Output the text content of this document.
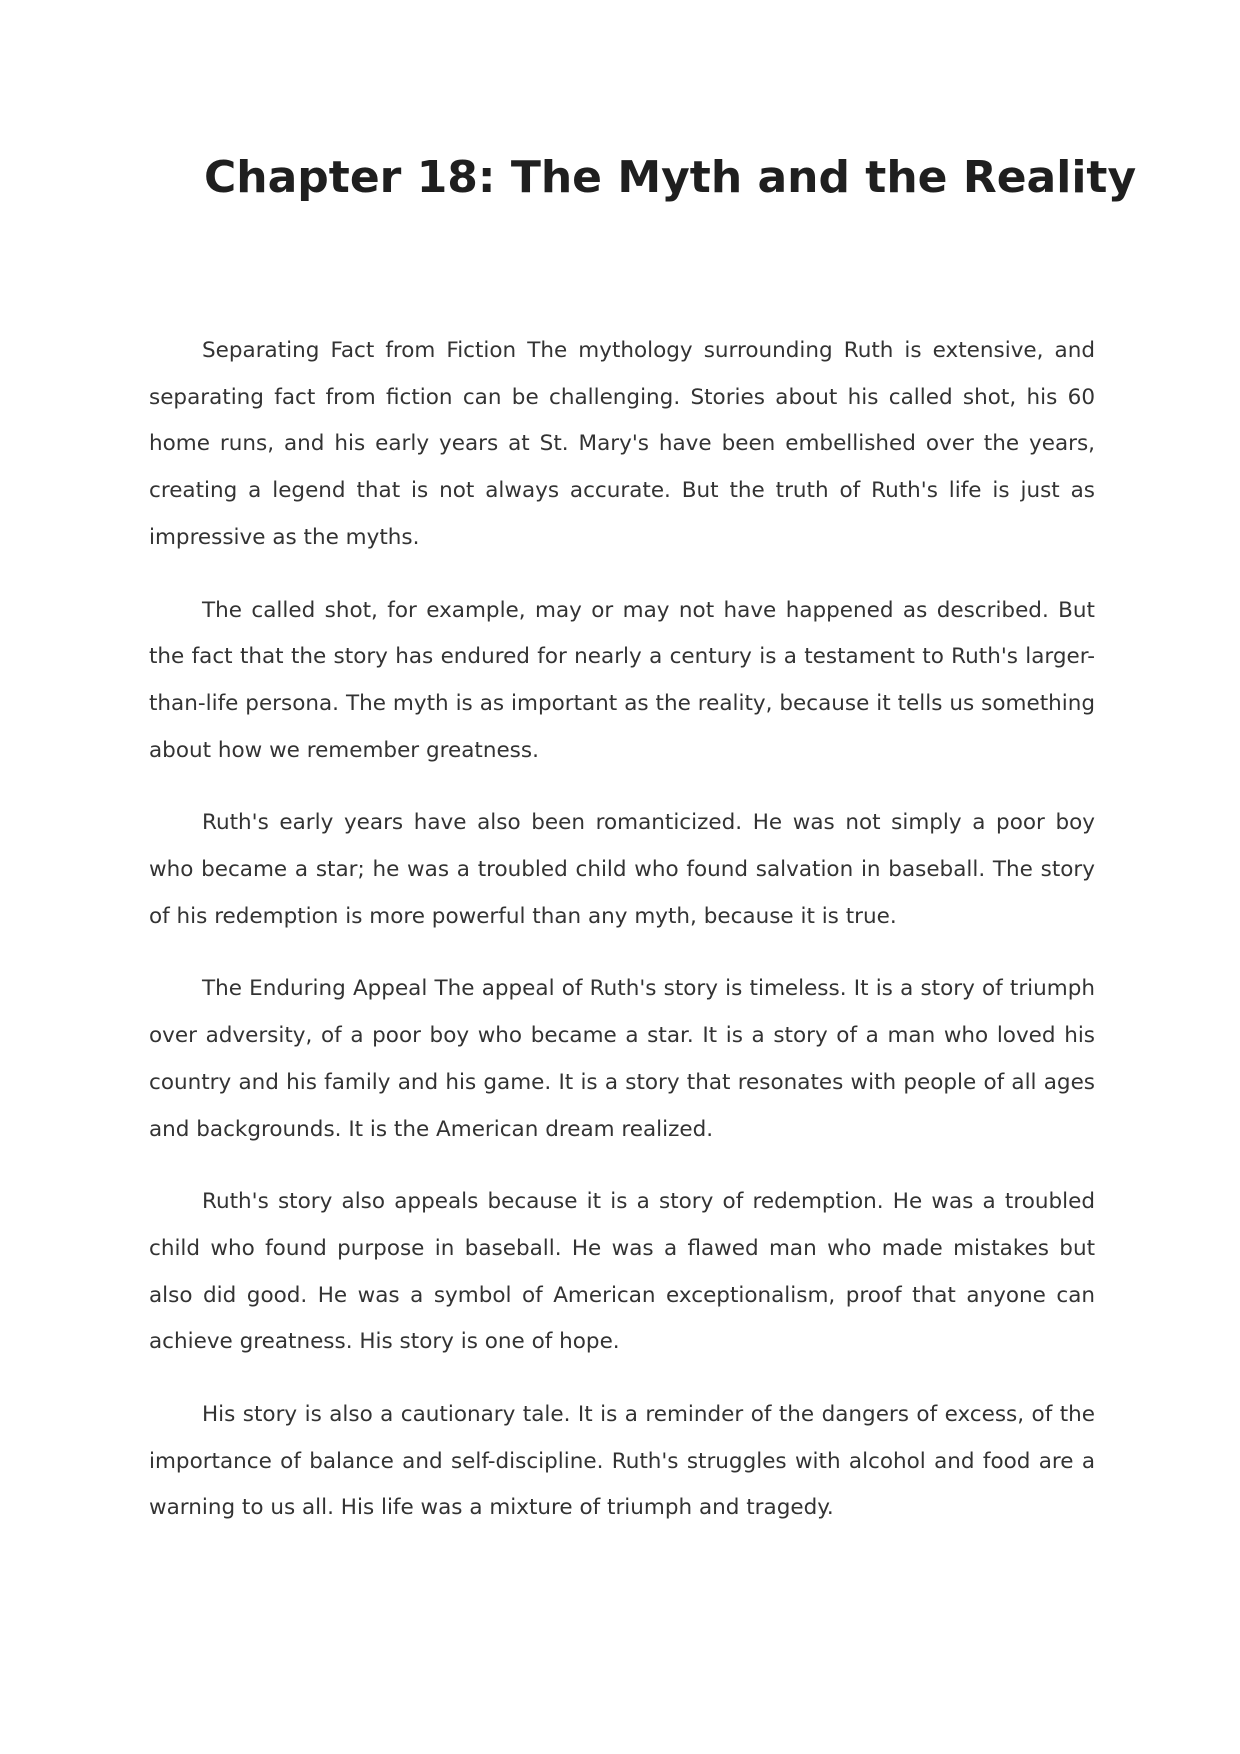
Chapter 18: The Myth and the Reality

Separating Fact from Fiction The mythology surrounding Ruth is extensive, and separating fact from fiction can be challenging. Stories about his called shot, his 60 home runs, and his early years at St. Mary's have been embellished over the years, creating a legend that is not always accurate. But the truth of Ruth's life is just as impressive as the myths.

The called shot, for example, may or may not have happened as described. But the fact that the story has endured for nearly a century is a testament to Ruth's larger-than-life persona. The myth is as important as the reality, because it tells us something about how we remember greatness.

Ruth's early years have also been romanticized. He was not simply a poor boy who became a star; he was a troubled child who found salvation in baseball. The story of his redemption is more powerful than any myth, because it is true.

The Enduring Appeal The appeal of Ruth's story is timeless. It is a story of triumph over adversity, of a poor boy who became a star. It is a story of a man who loved his country and his family and his game. It is a story that resonates with people of all ages and backgrounds. It is the American dream realized.

Ruth's story also appeals because it is a story of redemption. He was a troubled child who found purpose in baseball. He was a flawed man who made mistakes but also did good. He was a symbol of American exceptionalism, proof that anyone can achieve greatness. His story is one of hope.

His story is also a cautionary tale. It is a reminder of the dangers of excess, of the importance of balance and self-discipline. Ruth's struggles with alcohol and food are a warning to us all. His life was a mixture of triumph and tragedy.
